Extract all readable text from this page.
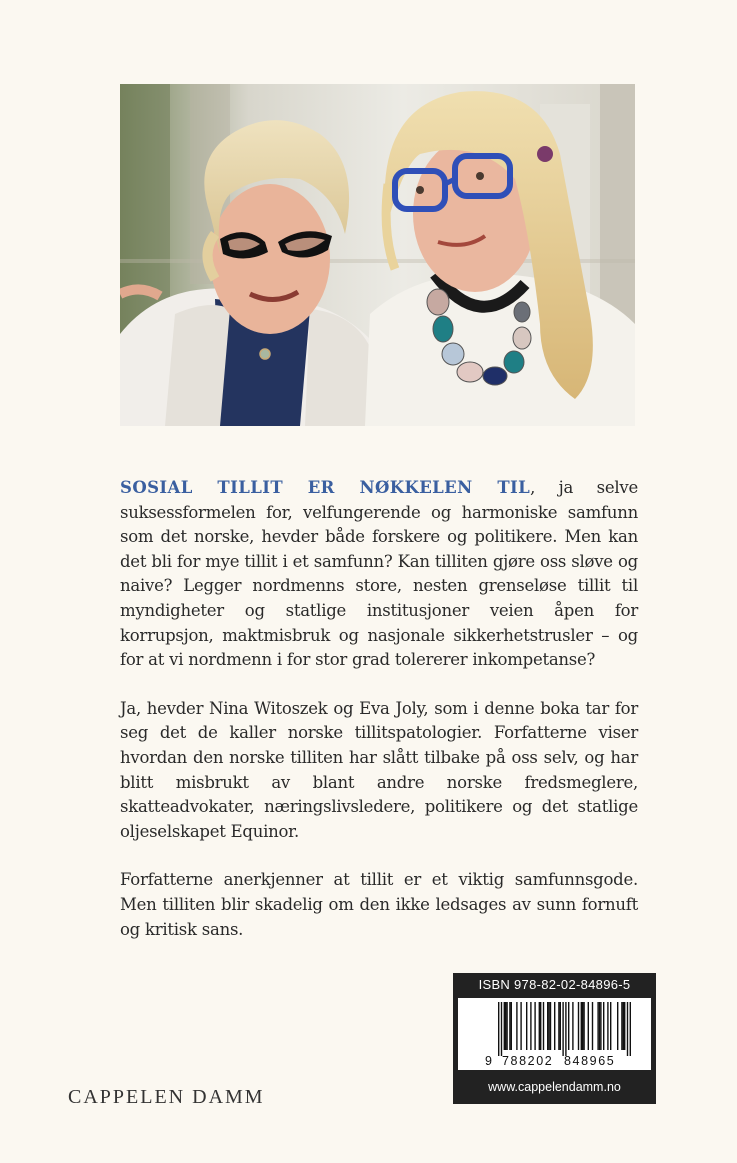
SOSIAL TILLIT ER NØKKELEN TIL, ja selve suksessformelen for, velfungerende og harmoniske samfunn som det norske, hevder både forskere og politikere. Men kan det bli for mye tillit i et samfunn? Kan tilliten gjøre oss sløve og naive? Legger nordmenns store, nesten grenseløse tillit til myndigheter og statlige institusjoner veien åpen for korrupsjon, maktmisbruk og nasjonale sikkerhetstrusler – og for at vi nordmenn i for stor grad tolererer inkompetanse?

Ja, hevder Nina Witoszek og Eva Joly, som i denne boka tar for seg det de kaller norske tillitspatologier. Forfatterne viser hvordan den norske tilliten har slått tilbake på oss selv, og har blitt misbrukt av blant andre norske fredsmeglere, skatteadvokater, næringslivsledere, politikere og det statlige oljeselskapet Equinor.

Forfatterne anerkjenner at tillit er et viktig samfunnsgode. Men tilliten blir skadelig om den ikke ledsages av sunn fornuft og kritisk sans.

CAPPELEN DAMM
ISBN 978-82-02-84896-5
9 788202 848965
www.cappelendamm.no
